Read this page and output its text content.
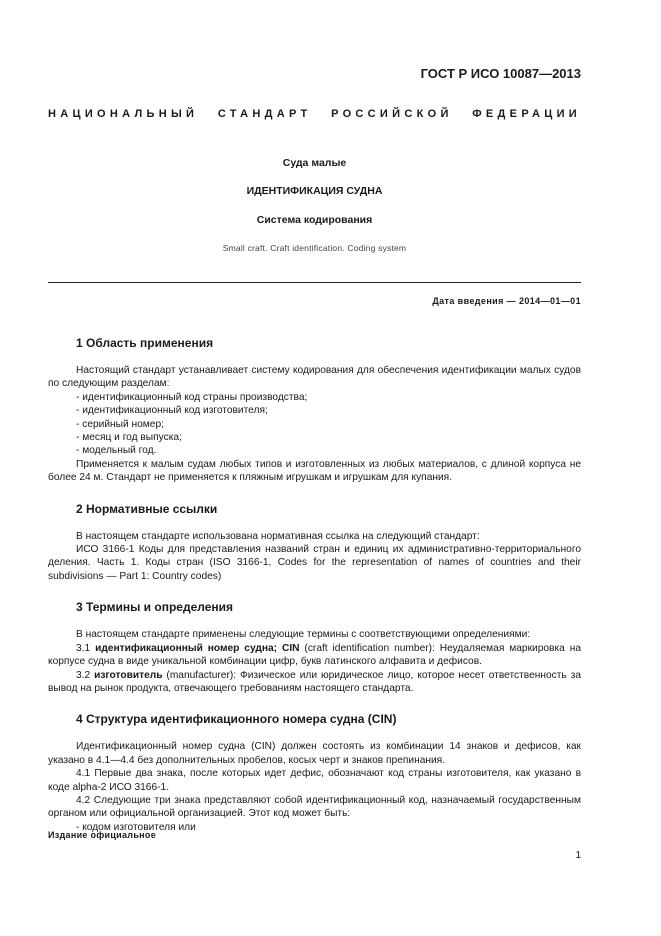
ГОСТ Р ИСО 10087—2013
НАЦИОНАЛЬНЫЙ СТАНДАРТ РОССИЙСКОЙ ФЕДЕРАЦИИ
Суда малые
ИДЕНТИФИКАЦИЯ СУДНА
Система кодирования
Small craft. Craft identification. Coding system
Дата введения — 2014—01—01
1 Область применения

Настоящий стандарт устанавливает систему кодирования для обеспечения идентификации малых судов по следующим разделам:

- идентификационный код страны производства;

- идентификационный код изготовителя;

- серийный номер;

- месяц и год выпуска;

- модельный год.

Применяется к малым судам любых типов и изготовленных из любых материалов, с длиной корпуса не более 24 м. Стандарт не применяется к пляжным игрушкам и игрушкам для купания.

2 Нормативные ссылки

В настоящем стандарте использована нормативная ссылка на следующий стандарт:

ИСО 3166-1 Коды для представления названий стран и единиц их административно-территориального деления. Часть 1. Коды стран (ISO 3166-1, Codes for the representation of names of countries and their subdivisions — Part 1: Country codes)

3 Термины и определения

В настоящем стандарте применены следующие термины с соответствующими определениями:

3.1 идентификационный номер судна; CIN (craft identification number): Неудаляемая маркировка на корпусе судна в виде уникальной комбинации цифр, букв латинского алфавита и дефисов.

3.2 изготовитель (manufacturer): Физическое или юридическое лицо, которое несет ответственность за вывод на рынок продукта, отвечающего требованиям настоящего стандарта.

4 Структура идентификационного номера судна (CIN)

Идентификационный номер судна (CIN) должен состоять из комбинации 14 знаков и дефисов, как указано в 4.1—4.4 без дополнительных пробелов, косых черт и знаков препинания.

4.1 Первые два знака, после которых идет дефис, обозначают код страны изготовителя, как указано в коде alpha-2 ИСО 3166-1.

4.2 Следующие три знака представляют собой идентификационный код, назначаемый государственным органом или официальной организацией. Этот код может быть:

- кодом изготовителя или

Издание официальное
1
